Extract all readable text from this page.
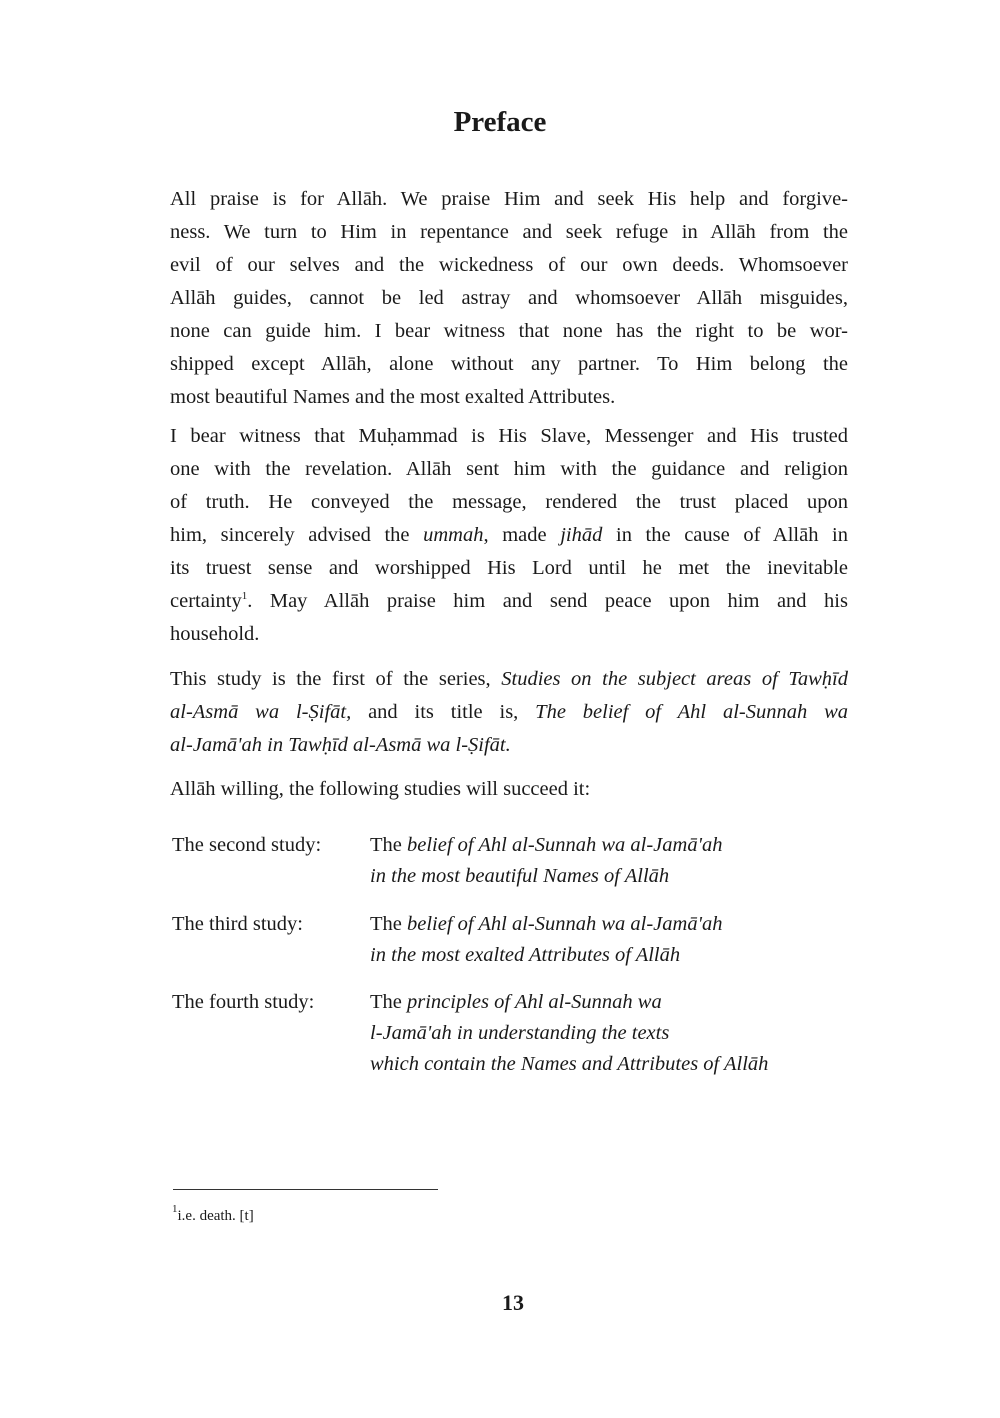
Preface
All praise is for Allāh. We praise Him and seek His help and forgive-
ness. We turn to Him in repentance and seek refuge in Allāh from the
evil of our selves and the wickedness of our own deeds. Whomsoever
Allāh guides, cannot be led astray and whomsoever Allāh misguides,
none can guide him. I bear witness that none has the right to be wor-
shipped except Allāh, alone without any partner. To Him belong the
most beautiful Names and the most exalted Attributes.
I bear witness that Muḥammad is His Slave, Messenger and His trusted
one with the revelation. Allāh sent him with the guidance and religion
of truth. He conveyed the message, rendered the trust placed upon
him, sincerely advised the ummah, made jihād in the cause of Allāh in
its truest sense and worshipped His Lord until he met the inevitable
certainty$^1$. May Allāh praise him and send peace upon him and his
household.
This study is the first of the series, Studies on the subject areas of Tawḥīd
al-Asmā wa l-Ṣifāt, and its title is, The belief of Ahl al-Sunnah wa
al-Jamā'ah in Tawḥīd al-Asmā wa l-Ṣifāt.
Allāh willing, the following studies will succeed it:
The second study: The belief of Ahl al-Sunnah wa al-Jamā'ah
in the most beautiful Names of Allāh
The third study:	The belief of Ahl al-Sunnah wa al-Jamā'ah
in the most exalted Attributes of Allāh
The fourth study:	The principles of Ahl al-Sunnah wa
l-Jamā'ah in understanding the texts
which contain the Names and Attributes of Allāh
$^1$i.e. death. [t]
13
